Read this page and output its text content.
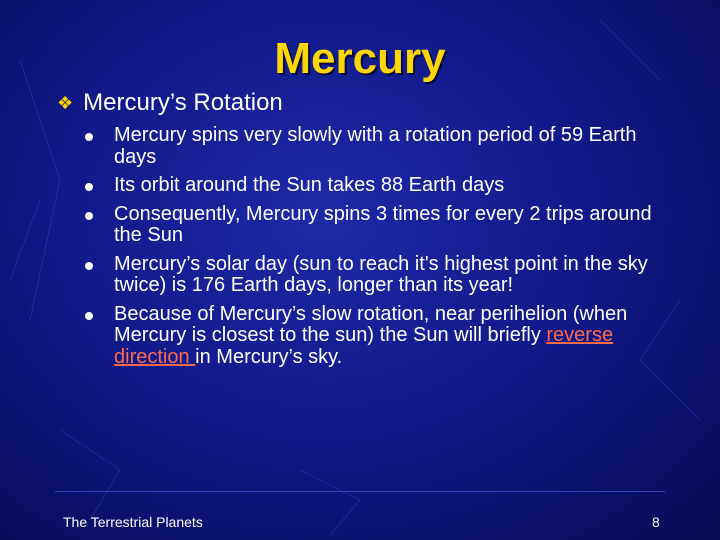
Mercury
❖ Mercury’s Rotation
Mercury spins very slowly with a rotation period of 59 Earth days
Its orbit around the Sun takes 88 Earth days
Consequently, Mercury spins 3 times for every 2 trips around the Sun
Mercury’s solar day (sun to reach it's highest point in the sky twice) is 176 Earth days, longer than its year!
Because of Mercury’s slow rotation, near perihelion (when Mercury is closest to the sun) the Sun will briefly reverse direction in Mercury’s sky.
The Terrestrial Planets	8
